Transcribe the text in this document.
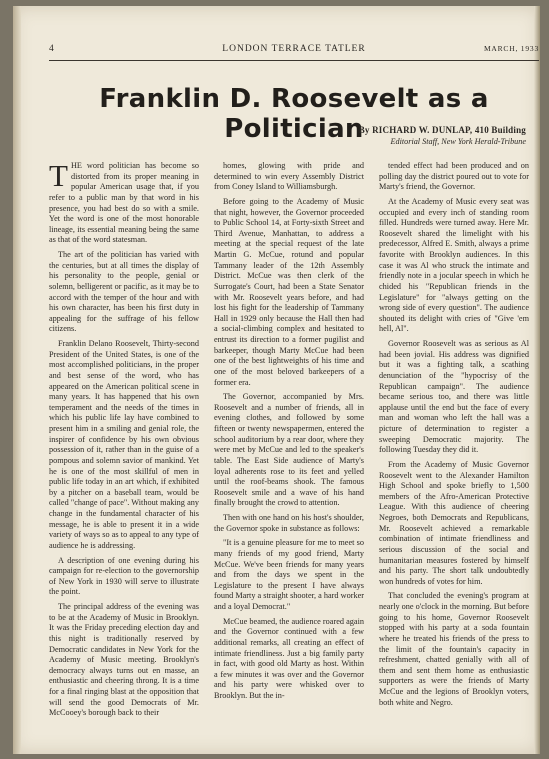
4	LONDON TERRACE TATLER	MARCH, 1933
Franklin D. Roosevelt as a Politician
By RICHARD W. DUNLAP, 410 Building
Editorial Staff, New York Herald-Tribune

THE word politician has become so distorted from its proper meaning in popular American usage that, if you refer to a public man by that word in his presence, you had best do so with a smile. Yet the word is one of the most honorable lineage, its essential meaning being the same as that of the word statesman.

The art of the politician has varied with the centuries, but at all times the display of his personality to the people, genial or solemn, belligerent or pacific, as it may be to accord with the temper of the hour and with his own character, has been his first duty in appealing for the suffrage of his fellow citizens.

Franklin Delano Roosevelt, Thirty-second President of the United States, is one of the most accomplished politicians, in the proper and best sense of the word, who has appeared on the American political scene in many years. It has happened that his own temperament and the needs of the times in which his public life lay have combined to present him in a smiling and genial role, the inspirer of confidence by his own obvious possession of it, rather than in the guise of a pompous and solemn savior of mankind. Yet he is one of the most skillful of men in public life today in an art which, if exhibited by a pitcher on a baseball team, would be called "change of pace". Without making any change in the fundamental character of his message, he is able to present it in a wide variety of ways so as to appeal to any type of audience he is addressing.

A description of one evening during his campaign for re-election to the governorship of New York in 1930 will serve to illustrate the point.

The principal address of the evening was to be at the Academy of Music in Brooklyn. It was the Friday preceding election day and this night is traditionally reserved by Democratic candidates in New York for the Academy of Music meeting. Brooklyn's democracy always turns out en masse, an enthusiastic and cheering throng. It is a time for a final ringing blast at the opposition that will send the good Democrats of Mr. McCooey's borough back to their

homes, glowing with pride and determined to win every Assembly District from Coney Island to Williamsburgh.

Before going to the Academy of Music that night, however, the Governor proceeded to Public School 14, at Forty-sixth Street and Third Avenue, Manhattan, to address a meeting at the special request of the late Martin G. McCue, rotund and popular Tammany leader of the 12th Assembly District. McCue was then clerk of the Surrogate's Court, had been a State Senator with Mr. Roosevelt years before, and had lost his fight for the leadership of Tammany Hall in 1929 only because the Hall then had a social-climbing complex and hesitated to entrust its direction to a former pugilist and barkeeper, though Marty McCue had been one of the best lightweights of his time and one of the most beloved barkeepers of a former era.

The Governor, accompanied by Mrs. Roosevelt and a number of friends, all in evening clothes, and followed by some fifteen or twenty newspapermen, entered the school auditorium by a rear door, where they were met by McCue and led to the speaker's table. The East Side audience of Marty's loyal adherents rose to its feet and yelled until the roof-beams shook. The famous Roosevelt smile and a wave of his hand finally brought the crowd to attention.

Then with one hand on his host's shoulder, the Governor spoke in substance as follows:

"It is a genuine pleasure for me to meet so many friends of my good friend, Marty McCue. We've been friends for many years and from the days we spent in the Legislature to the present I have always found Marty a straight shooter, a hard worker and a loyal Democrat."

McCue beamed, the audience roared again and the Governor continued with a few additional remarks, all creating an effect of intimate friendliness. Just a big family party in fact, with good old Marty as host. Within a few minutes it was over and the Governor and his party were whisked over to Brooklyn. But the in-

tended effect had been produced and on polling day the district poured out to vote for Marty's friend, the Governor.

At the Academy of Music every seat was occupied and every inch of standing room filled. Hundreds were turned away. Here Mr. Roosevelt shared the limelight with his predecessor, Alfred E. Smith, always a prime favorite with Brooklyn audiences. In this case it was Al who struck the intimate and friendly note in a jocular speech in which he chided his "Republican friends in the Legislature" for "always getting on the wrong side of every question". The audience shouted its delight with cries of "Give 'em hell, Al".

Governor Roosevelt was as serious as Al had been jovial. His address was dignified but it was a fighting talk, a scathing denunciation of the "hypocrisy of the Republican campaign". The audience became serious too, and there was little applause until the end but the face of every man and woman who left the hall was a picture of determination to register a sweeping Democratic majority. The following Tuesday they did it.

From the Academy of Music Governor Roosevelt went to the Alexander Hamilton High School and spoke briefly to 1,500 members of the Afro-American Protective League. With this audience of cheering Negroes, both Democrats and Republicans, Mr. Roosevelt achieved a remarkable combination of intimate friendliness and serious discussion of the social and humanitarian measures fostered by himself and his party. The short talk undoubtedly won hundreds of votes for him.

That concluded the evening's program at nearly one o'clock in the morning. But before going to his home, Governor Roosevelt stopped with his party at a soda fountain where he treated his friends of the press to the limit of the fountain's capacity in refreshment, chatted genially with all of them and sent them home as enthusiastic supporters as were the friends of Marty McCue and the legions of Brooklyn voters, both white and Negro.
